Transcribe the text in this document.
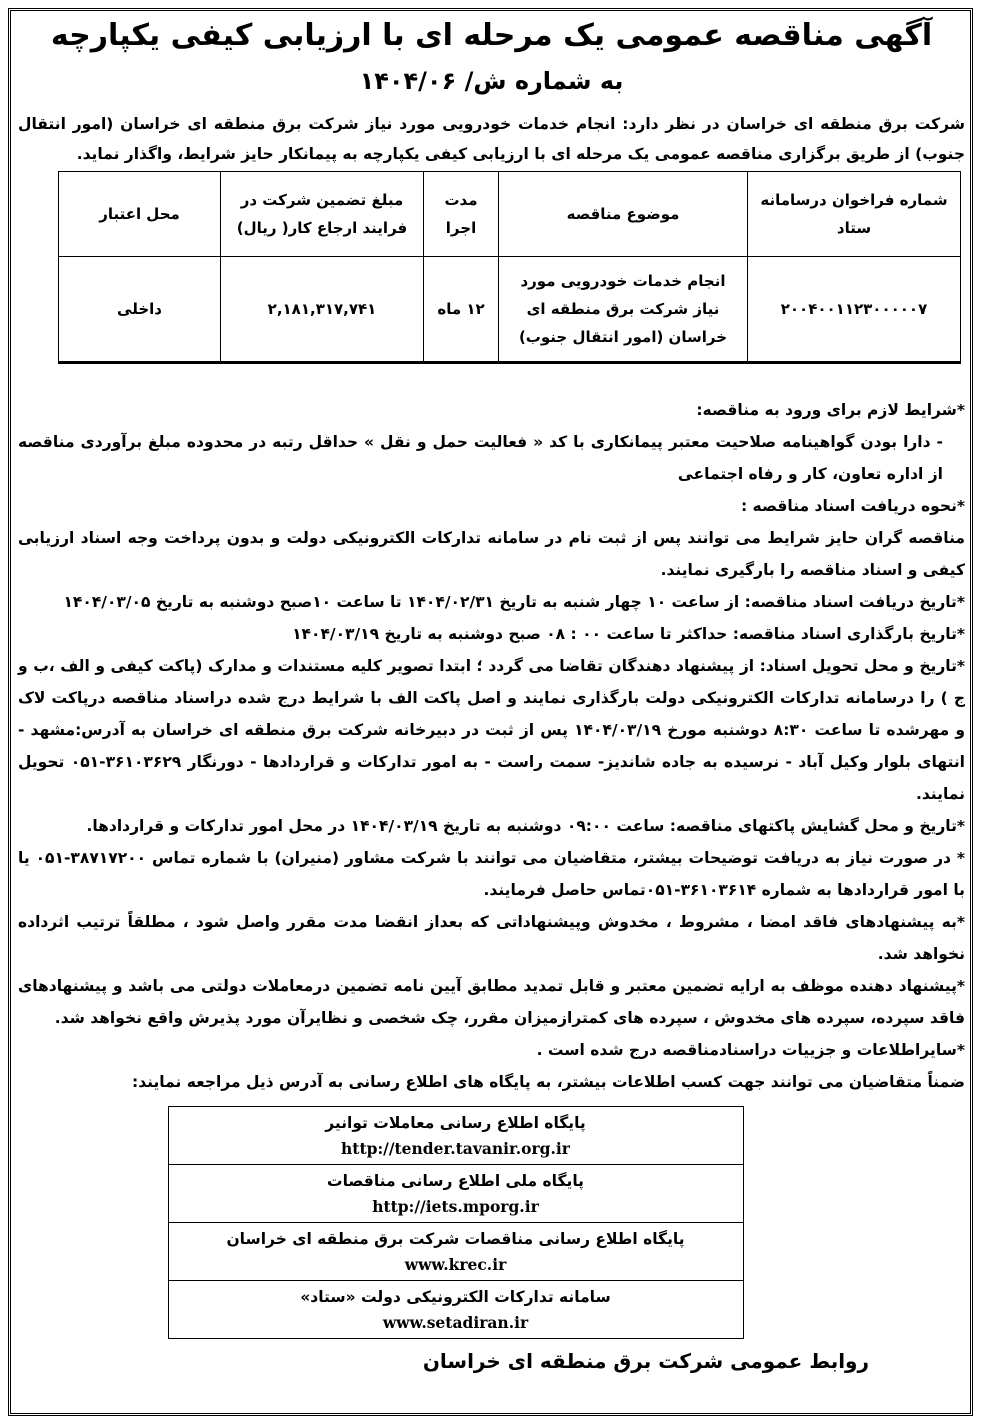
آگهی مناقصه عمومی یک مرحله ای با ارزیابی کیفی یکپارچه
به شماره ش/ ۱۴۰۴/۰۶
شرکت برق منطقه ای خراسان در نظر دارد: انجام خدمات خودرویی مورد نیاز شرکت برق منطقه ای خراسان (امور انتقال جنوب) از طریق برگزاری مناقصه عمومی یک مرحله ای با ارزیابی کیفی یکپارچه به پیمانکار حایز شرایط، واگذار نماید.
شماره فراخوان درسامانه ستاد	موضوع مناقصه	مدت اجرا	مبلغ تضمین شرکت در فرایند ارجاع کار( ریال)	محل اعتبار
۲۰۰۴۰۰۱۱۲۳۰۰۰۰۰۷	انجام خدمات خودرویی مورد نیاز شرکت برق منطقه ای خراسان (امور انتقال جنوب)	۱۲ ماه	۲,۱۸۱,۳۱۷,۷۴۱	داخلی

*شرایط لازم برای ورود به مناقصه:

- دارا بودن گواهینامه صلاحیت معتبر پیمانکاری با کد « فعالیت حمل و نقل » حداقل رتبه در محدوده مبلغ برآوردی مناقصه از اداره تعاون، کار و رفاه اجتماعی

*نحوه دریافت اسناد مناقصه :

مناقصه گران حایز شرایط می توانند پس از ثبت نام در سامانه تدارکات الکترونیکی دولت و بدون پرداخت وجه اسناد ارزیابی کیفی و اسناد مناقصه را بارگیری نمایند.

*تاریخ دریافت اسناد مناقصه: از ساعت ۱۰ چهار شنبه به تاریخ ۱۴۰۴/۰۲/۳۱ تا ساعت ۱۰صبح دوشنبه به تاریخ ۱۴۰۴/۰۳/۰۵

*تاریخ بارگذاری اسناد مناقصه: حداکثر تا ساعت ۰۰ : ۰۸ صبح دوشنبه به تاریخ ۱۴۰۴/۰۳/۱۹

*تاریخ و محل تحویل اسناد: از پیشنهاد دهندگان تقاضا می گردد ؛ ابتدا تصویر کلیه مستندات و مدارک (پاکت کیفی و الف ،ب و ج ) را درسامانه تدارکات الکترونیکی دولت بارگذاری نمایند و اصل پاکت الف با شرایط درج شده دراسناد مناقصه درپاکت لاک و مهرشده تا ساعت ۸:۳۰ دوشنبه مورخ ۱۴۰۴/۰۳/۱۹ پس از ثبت در دبیرخانه شرکت برق منطقه ای خراسان به آدرس:مشهد - انتهای بلوار وکیل آباد - نرسیده به جاده شاندیز- سمت راست - به امور تدارکات و قراردادها - دورنگار ۳۶۱۰۳۶۲۹-۰۵۱ تحویل نمایند.

*تاریخ و محل گشایش پاکتهای مناقصه: ساعت ۰۹:۰۰ دوشنبه به تاریخ ۱۴۰۴/۰۳/۱۹ در محل امور تدارکات و قراردادها.

* در صورت نیاز به دریافت توضیحات بیشتر، متقاضیان می توانند با شرکت مشاور (منیران) با شماره تماس ۳۸۷۱۷۲۰۰-۰۵۱ یا با امور قراردادها به شماره ۳۶۱۰۳۶۱۴-۰۵۱تماس حاصل فرمایند.

*به پیشنهادهای فاقد امضا ، مشروط ، مخدوش وپیشنهاداتی که بعداز انقضا مدت مقرر واصل شود ، مطلقاً ترتیب اثرداده نخواهد شد.

*پیشنهاد دهنده موظف به ارایه تضمین معتبر و قابل تمدید مطابق آیین نامه تضمین درمعاملات دولتی می باشد و پیشنهادهای فاقد سپرده، سپرده های مخدوش ، سپرده های کمترازمیزان مقرر، چک شخصی و نظایرآن مورد پذیرش واقع نخواهد شد.

*سایراطلاعات و جزییات دراسنادمناقصه درج شده است .

ضمناً متقاضیان می توانند جهت کسب اطلاعات بیشتر، به پایگاه های اطلاع رسانی به آدرس ذیل مراجعه نمایند:

پایگاه اطلاع رسانی معاملات توانیر
http://tender.tavanir.org.ir

پایگاه ملی اطلاع رسانی مناقصات
http://iets.mporg.ir

پایگاه اطلاع رسانی مناقصات شرکت برق منطقه ای خراسان
www.krec.ir

سامانه تدارکات الکترونیکی دولت «ستاد»
www.setadiran.ir
روابط عمومی شرکت برق منطقه ای خراسان
